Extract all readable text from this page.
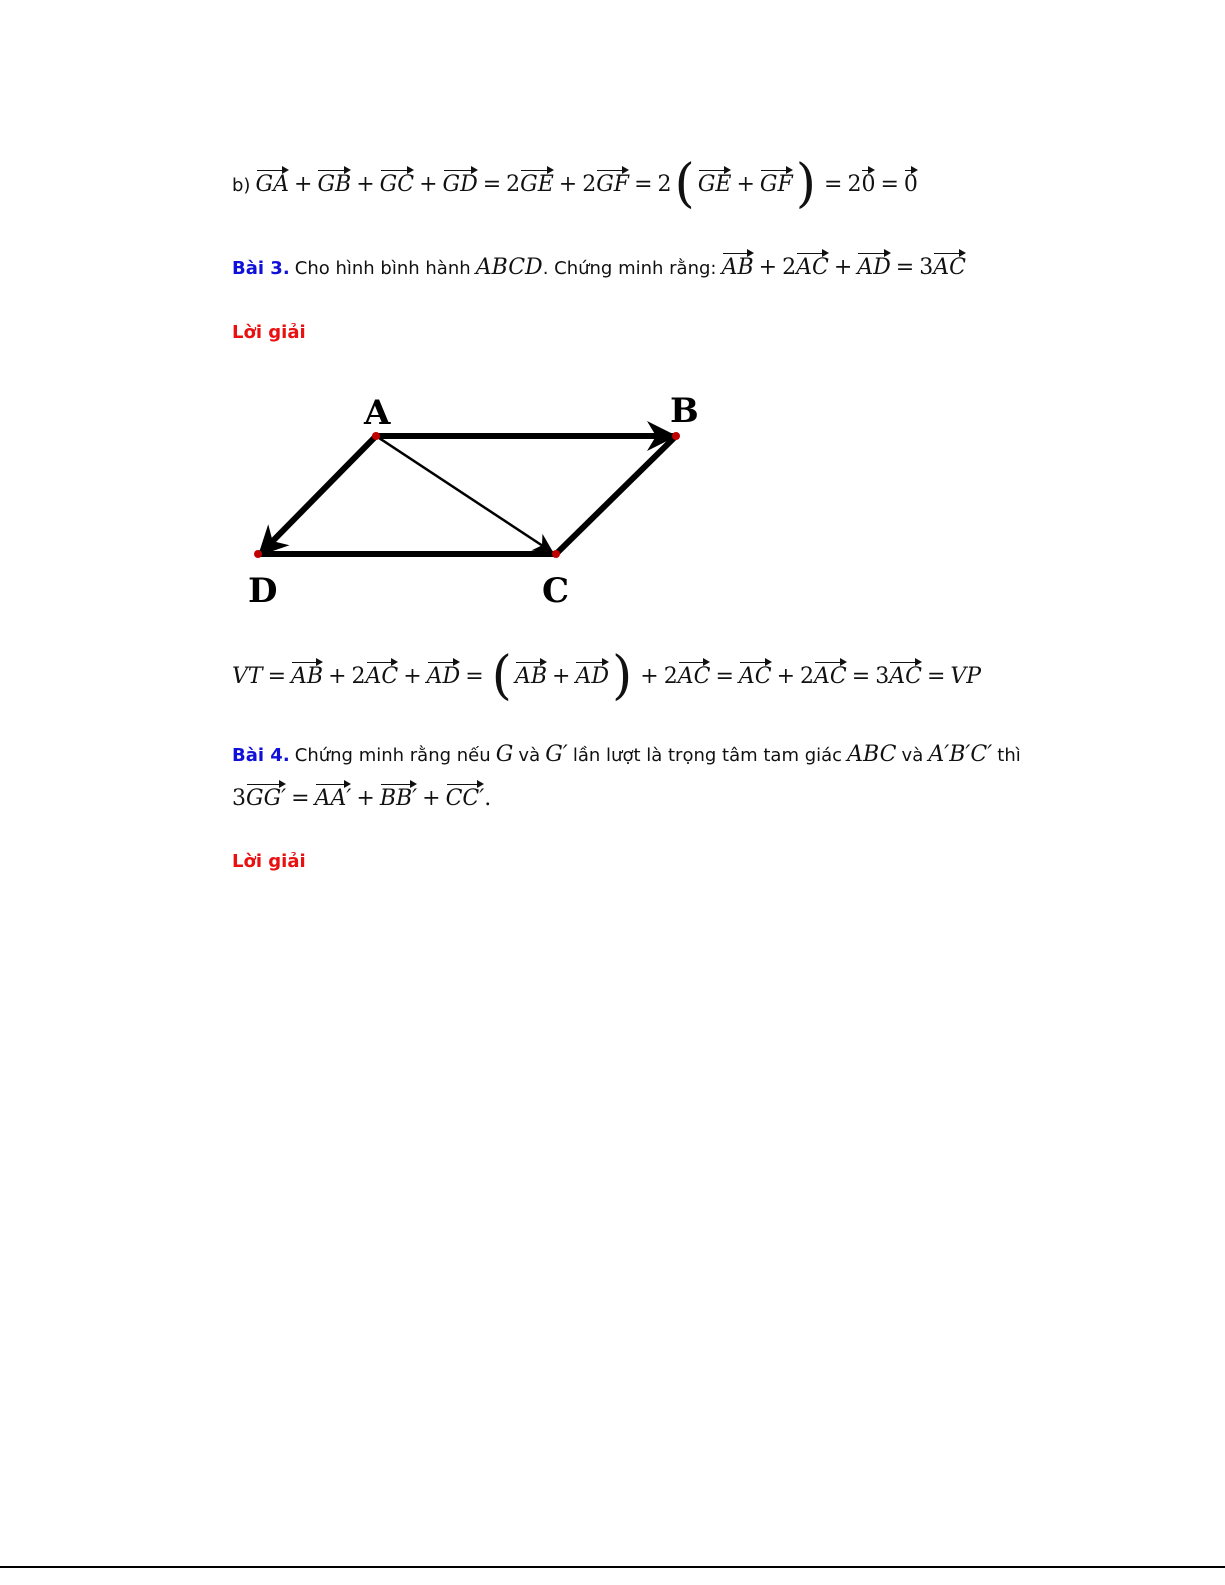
b) GA + GB + GC + GD = 2GE + 2GF = 2( GE + GF) = 20 = 0
Bài 3. Cho hình bình hành ABCD. Chứng minh rằng: AB + 2AC + AD = 3AC
Lời giải
A	B
C
D
VT = AB + 2AC + AD = ( AB + AD) + 2AC = AC + 2AC = 3AC = VP
Bài 4. Chứng minh rằng nếu G và G′ lần lượt là trọng tâm tam giác ABC và A′B′C′ thì
3GG′ = AA′ + BB′ + CC′.
Lời giải
